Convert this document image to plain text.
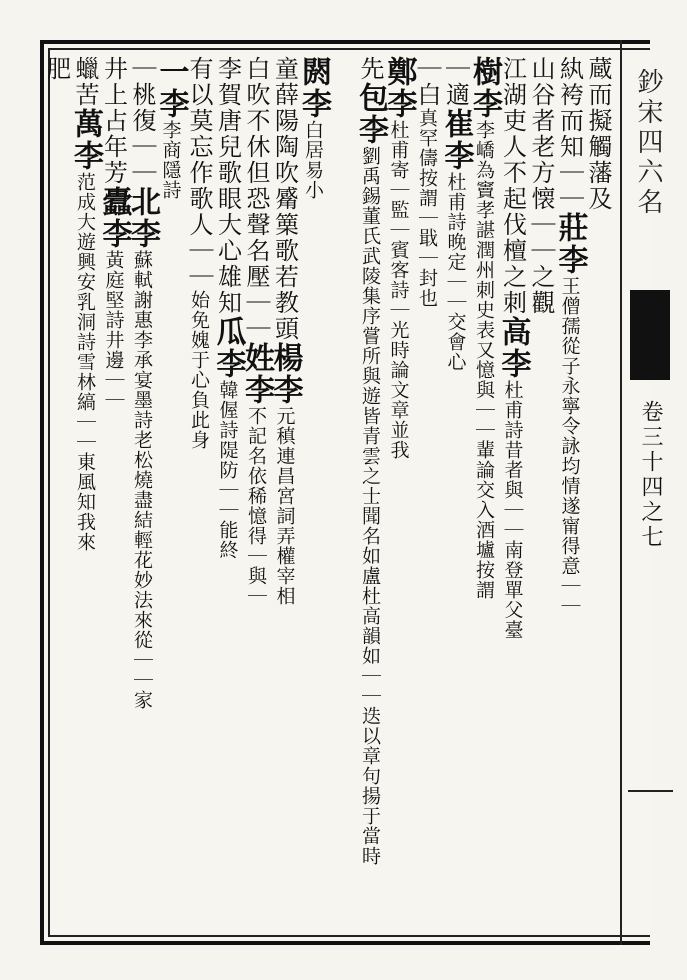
鈔宋四六名
卷三十四之七
蔵而擬觸藩及
紈袴而知｜｜莊李王僧孺從子永寧令詠均情遂甯得意｜｜
山谷者老方懐｜｜之觀
江湖吏人不起伐檀之刺高李杜甫詩昔者與｜｜南登單父臺
樹李李嶠為竇孝諶潤州刺史表又憶與｜｜輩論交入酒壚按謂
｜適崔李杜甫詩晚定｜｜交會心
｜白真罕儔按謂｜戢｜封也
鄭李杜甫寄｜監｜賓客詩｜光時論文章並我
先包李劉禹錫董氏武陵集序嘗所與遊皆青雲之士聞名如盧杜高韻如｜｜迭以章句揚于當時
閼李白居易小
童薛陽陶吹觱篥歌若教頭楊李元稹連昌宮詞弄權宰相
白吹不休但恐聲名壓｜｜姓李不記名依稀憶得｜與｜
李賀唐兒歌眼大心雄知瓜李韓偓詩隄防｜｜能終
有以莫忘作歌人｜｜始免媿于心負此身
一李李商隱詩
｜桃復｜｜北李蘇軾謝惠李承宴墨詩老松燒盡結輕花妙法來從｜｜家
井上占年芳蠹李黃庭堅詩井邊｜｜
蠟苦萬李范成大遊興安乳洞詩雪林縞｜｜東風知我來
肥
